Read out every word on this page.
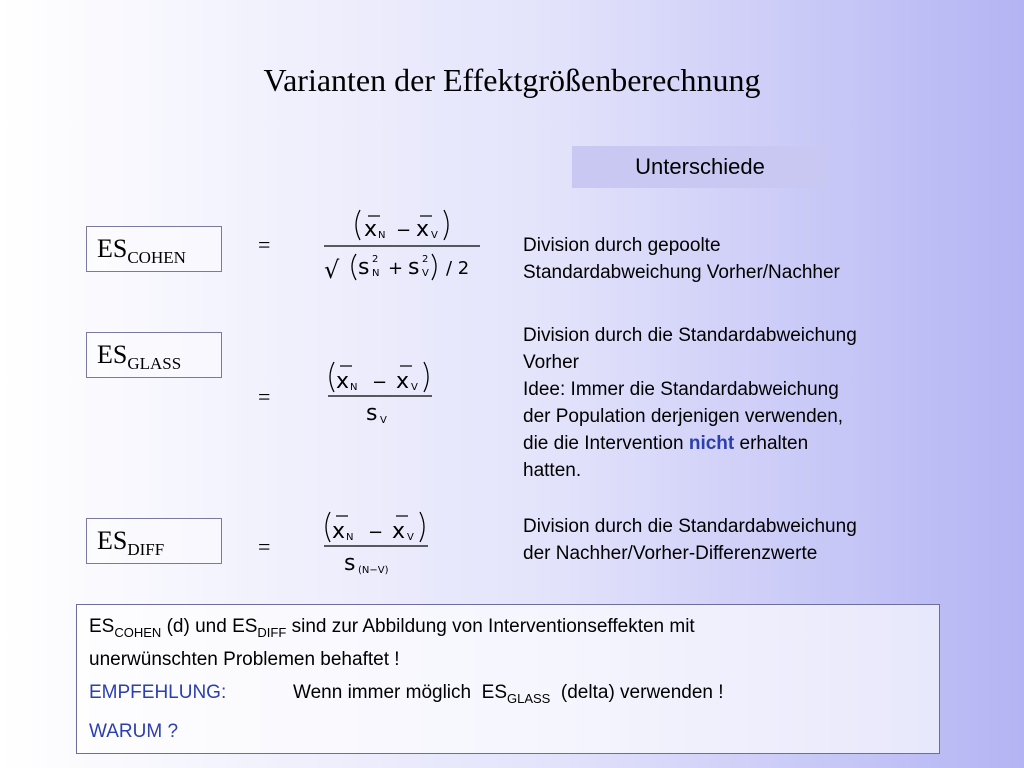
Varianten der Effektgrößenberechnung
Unterschiede
$ES_{COHEN}$
=
x N − x V
√ s 2
N + s 2
V / 2
Division durch gepoolte
Standardabweichung Vorher/Nachher
$ES_{GLASS}$
=
x N − x V
s V
Division durch die Standardabweichung
Vorher
Idee: Immer die Standardabweichung
der Population derjenigen verwenden,
die die Intervention nicht erhalten
hatten.
$ES_{DIFF}$	=
x N − x V
s (N−V)
Division durch die Standardabweichung
der Nachher/Vorher-Differenzwerte
$ES_{COHEN}$ (d) und $ES_{DIFF}$ sind zur Abbildung von Interventionseffekten mit
unerwünschten Problemen behaftet !
EMPFEHLUNG:	Wenn immer möglich  $ES_{GLASS}$  (delta) verwenden !
WARUM ?
